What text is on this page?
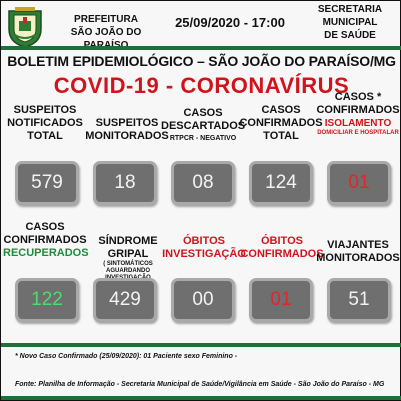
PREFEITURA
SÃO JOÃO DO
25/09/2020 - 17:00
SECRETARIA
MUNICIPAL
DE SAÚDE
BOLETIM EPIDEMIOLÓGICO – SÃO JOÃO DO PARAÍSO/MG
COVID-19 - CORONAVÍRUS
SUSPEITOS
NOTIFICADOS
TOTAL
579
SUSPEITOS
MONITORADOS
18
CASOS
DESCARTADOS
RTPCR - NEGATIVO
08
CASOS
CONFIRMADOS
TOTAL
124
CASOS *
CONFIRMADOS
ISOLAMENTO
DOMICILIAR E HOSPITALAR
01
CASOS
CONFIRMADOS
RECUPERADOS
122
SÍNDROME GRIPAL
( SINTOMÁTICOS AGUARDANDO
429
ÓBITOS
INVESTIGAÇÃO
00
ÓBITOS
CONFIRMADOS
01
VIAJANTES
MONITORADOS
51
* Novo Caso Confirmado (25/09/2020): 01 Paciente sexo Feminino -
Fonte: Planilha de Informação - Secretaria Municipal de Saúde/Vigilância em Saúde - São João do Paraíso - MG
